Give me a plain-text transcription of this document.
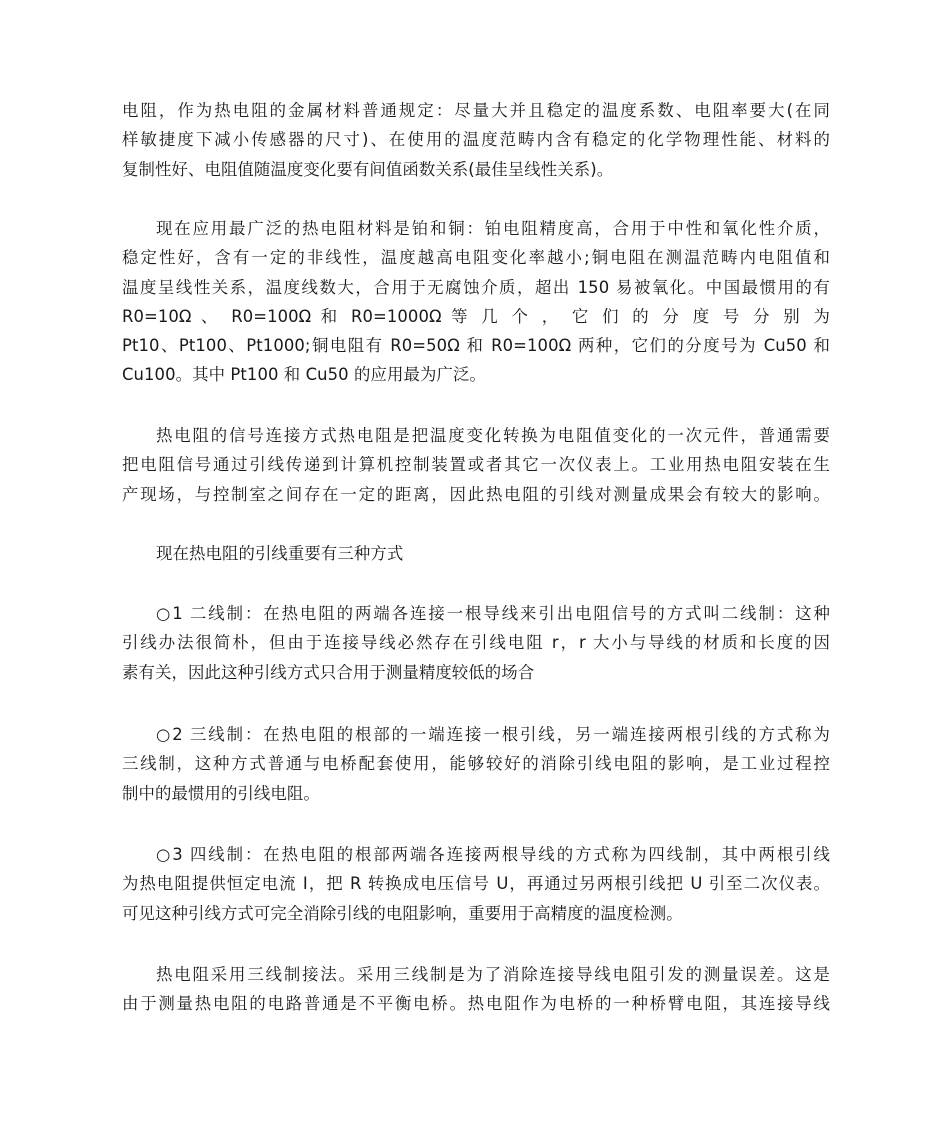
电阻，作为热电阻的金属材料普通规定：尽量大并且稳定的温度系数、电阻率要大(在同
样敏捷度下减小传感器的尺寸)、在使用的温度范畴内含有稳定的化学物理性能、材料的
复制性好、电阻值随温度变化要有间值函数关系(最佳呈线性关系)。

现在应用最广泛的热电阻材料是铂和铜：铂电阻精度高，合用于中性和氧化性介质，
稳定性好，含有一定的非线性，温度越高电阻变化率越小;铜电阻在测温范畴内电阻值和
温度呈线性关系，温度线数大，合用于无腐蚀介质，超出 150 易被氧化。中国最惯用的有
R0=10Ω 、 R0=100Ω 和 R0=1000Ω 等 几 个 ， 它 们 的 分 度 号 分 别 为
Pt10、Pt100、Pt1000;铜电阻有 R0=50Ω 和 R0=100Ω 两种，它们的分度号为 Cu50 和
Cu100。其中 Pt100 和 Cu50 的应用最为广泛。

热电阻的信号连接方式热电阻是把温度变化转换为电阻值变化的一次元件，普通需要
把电阻信号通过引线传递到计算机控制装置或者其它一次仪表上。工业用热电阻安装在生
产现场，与控制室之间存在一定的距离，因此热电阻的引线对测量成果会有较大的影响。

现在热电阻的引线重要有三种方式

○1 二线制：在热电阻的两端各连接一根导线来引出电阻信号的方式叫二线制：这种
引线办法很简朴，但由于连接导线必然存在引线电阻 r，r 大小与导线的材质和长度的因
素有关，因此这种引线方式只合用于测量精度较低的场合

○2 三线制：在热电阻的根部的一端连接一根引线，另一端连接两根引线的方式称为
三线制，这种方式普通与电桥配套使用，能够较好的消除引线电阻的影响，是工业过程控
制中的最惯用的引线电阻。

○3 四线制：在热电阻的根部两端各连接两根导线的方式称为四线制，其中两根引线
为热电阻提供恒定电流 I，把 R 转换成电压信号 U，再通过另两根引线把 U 引至二次仪表。
可见这种引线方式可完全消除引线的电阻影响，重要用于高精度的温度检测。

热电阻采用三线制接法。采用三线制是为了消除连接导线电阻引发的测量误差。这是
由于测量热电阻的电路普通是不平衡电桥。热电阻作为电桥的一种桥臂电阻，其连接导线
